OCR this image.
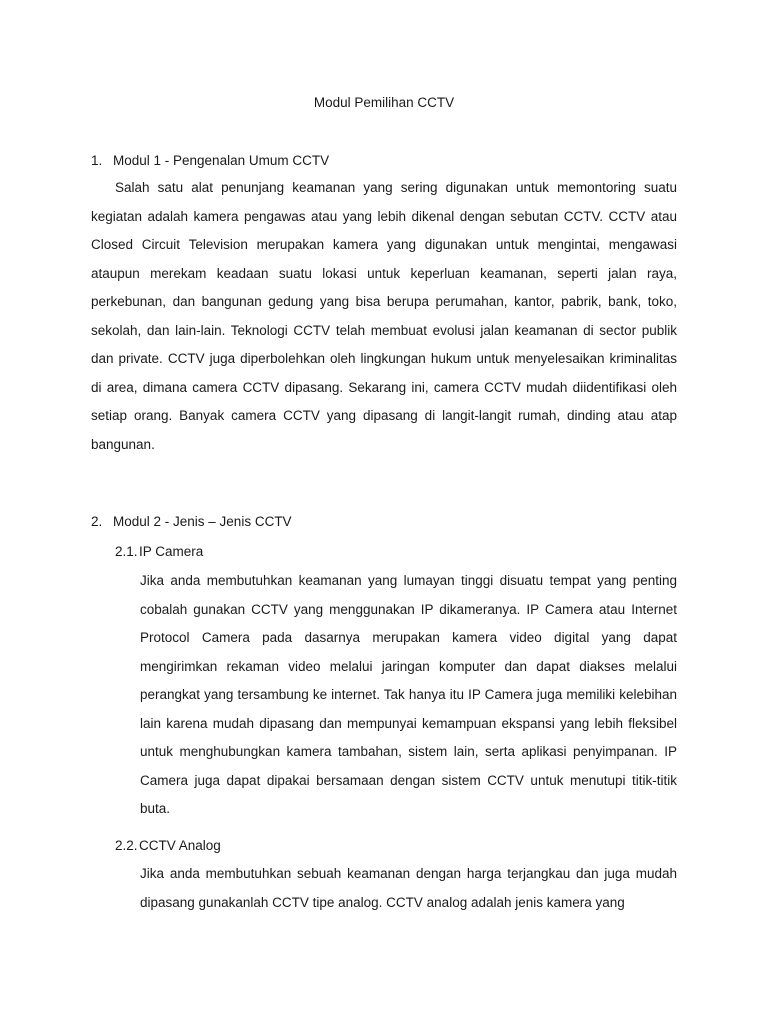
Modul Pemilihan CCTV
1. Modul 1 - Pengenalan Umum CCTV

Salah satu alat penunjang keamanan yang sering digunakan untuk memontoring suatu kegiatan adalah kamera pengawas atau yang lebih dikenal dengan sebutan CCTV. CCTV atau Closed Circuit Television merupakan kamera yang digunakan untuk mengintai, mengawasi ataupun merekam keadaan suatu lokasi untuk keperluan keamanan, seperti jalan raya, perkebunan, dan bangunan gedung yang bisa berupa perumahan, kantor, pabrik, bank, toko, sekolah, dan lain-lain. Teknologi CCTV telah membuat evolusi jalan keamanan di sector publik dan private. CCTV juga diperbolehkan oleh lingkungan hukum untuk menyelesaikan kriminalitas di area, dimana camera CCTV dipasang. Sekarang ini, camera CCTV mudah diidentifikasi oleh setiap orang. Banyak camera CCTV yang dipasang di langit-langit rumah, dinding atau atap bangunan.

2. Modul 2 - Jenis – Jenis CCTV
2.1.IP Camera

Jika anda membutuhkan keamanan yang lumayan tinggi disuatu tempat yang penting cobalah gunakan CCTV yang menggunakan IP dikameranya. IP Camera atau Internet Protocol Camera pada dasarnya merupakan kamera video digital yang dapat mengirimkan rekaman video melalui jaringan komputer dan dapat diakses melalui perangkat yang tersambung ke internet. Tak hanya itu IP Camera juga memiliki kelebihan lain karena mudah dipasang dan mempunyai kemampuan ekspansi yang lebih fleksibel untuk menghubungkan kamera tambahan, sistem lain, serta aplikasi penyimpanan. IP Camera juga dapat dipakai bersamaan dengan sistem CCTV untuk menutupi titik-titik buta.

2.2.CCTV Analog

Jika anda membutuhkan sebuah keamanan dengan harga terjangkau dan juga mudah dipasang gunakanlah CCTV tipe analog. CCTV analog adalah jenis kamera yang
